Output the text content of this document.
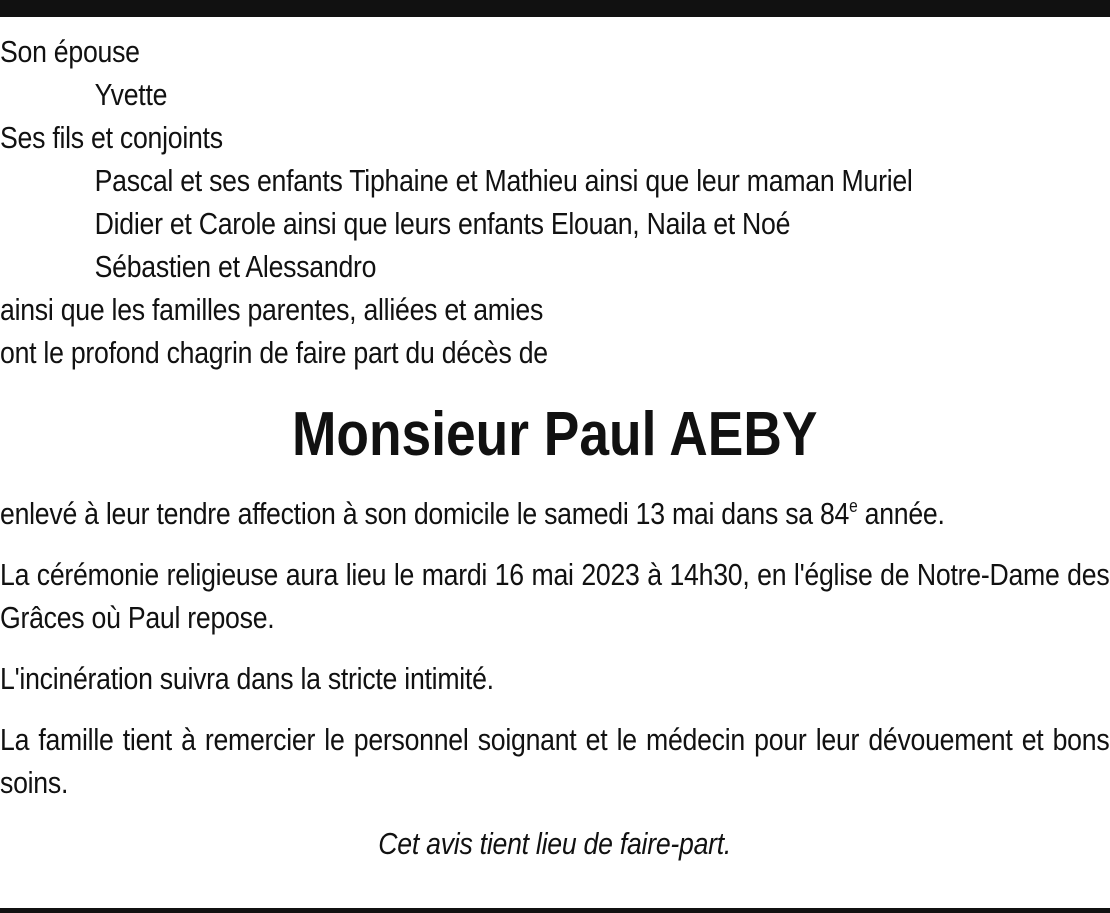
Son épouse
Yvette
Ses fils et conjoints
Pascal et ses enfants Tiphaine et Mathieu ainsi que leur maman Muriel
Didier et Carole ainsi que leurs enfants Elouan, Naila et Noé
Sébastien et Alessandro
ainsi que les familles parentes, alliées et amies
ont le profond chagrin de faire part du décès de
Monsieur Paul AEBY

enlevé à leur tendre affection à son domicile le samedi 13 mai dans sa 84e année.

La cérémonie religieuse aura lieu le mardi 16 mai 2023 à 14h30, en l'église de Notre-Dame des Grâces où Paul repose.

L'incinération suivra dans la stricte intimité.

La famille tient à remercier le personnel soignant et le médecin pour leur dévouement et bons soins.

Cet avis tient lieu de faire-part.
